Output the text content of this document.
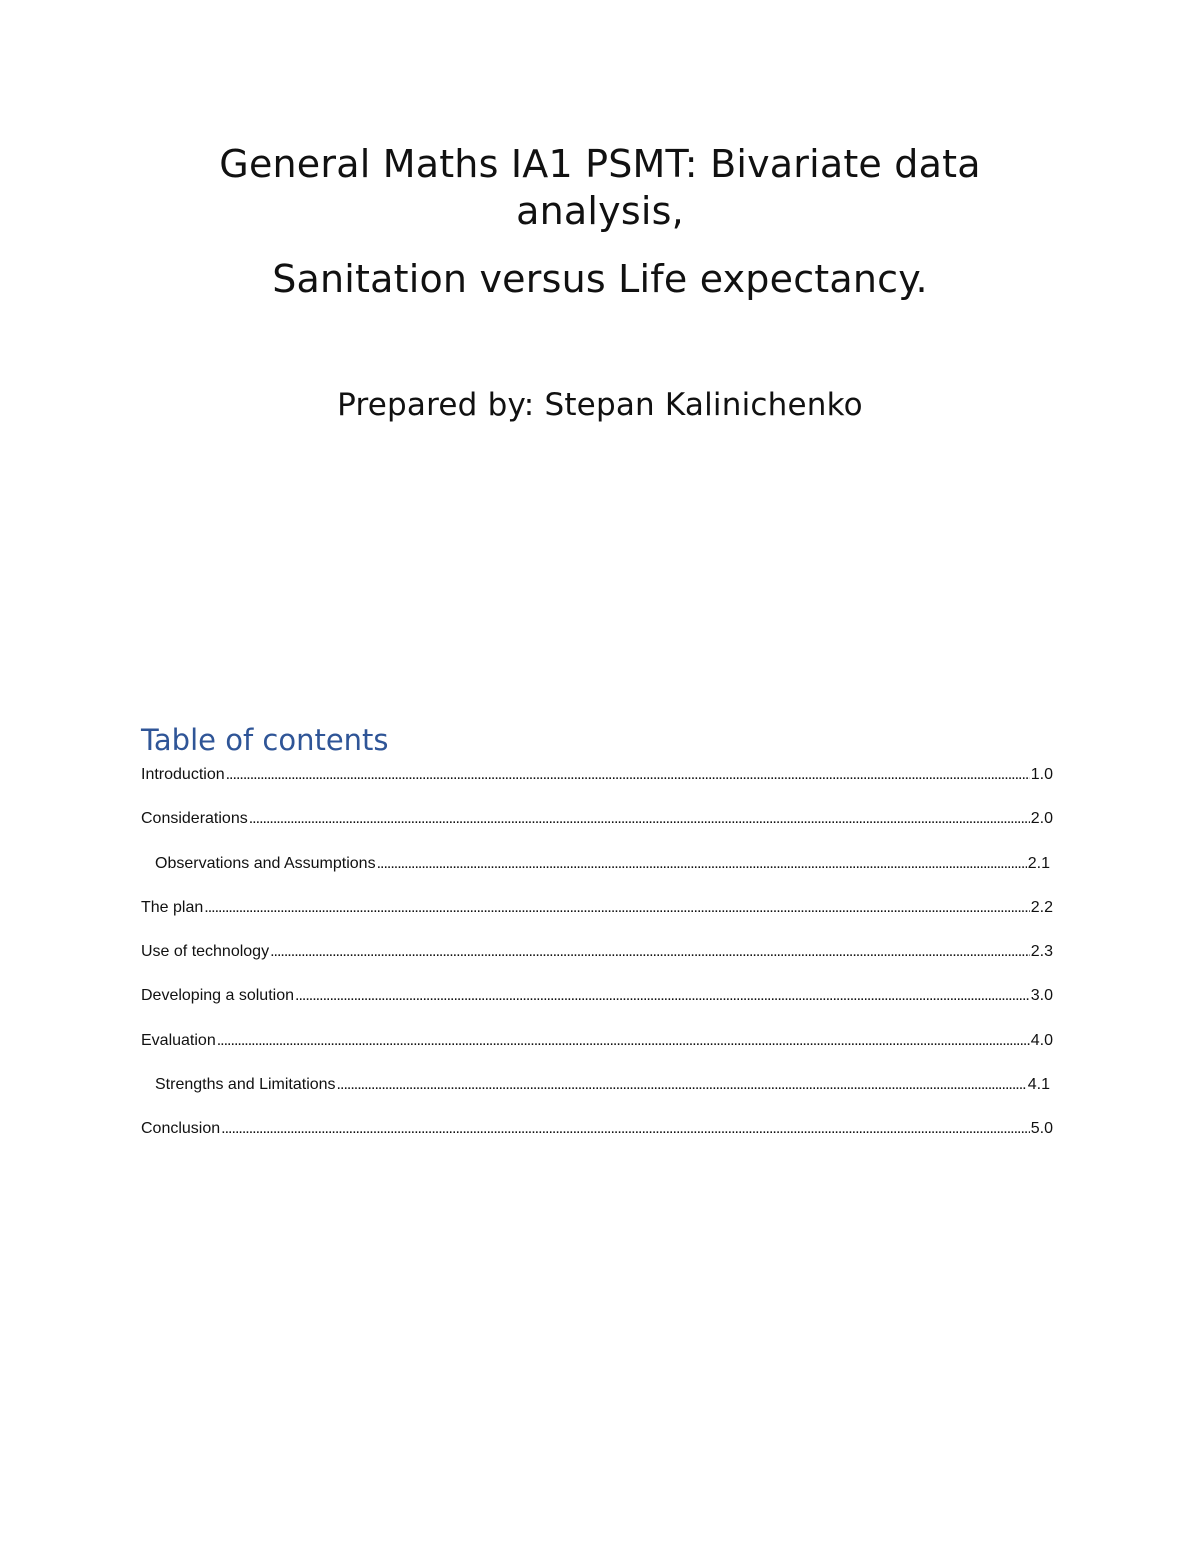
General Maths IA1 PSMT: Bivariate data
analysis,
Sanitation versus Life expectancy.
Prepared by: Stepan Kalinichenko
Table of contents
Introduction .....	1.0
Considerations .....	2.0
Observations and Assumptions .....	2.1
The plan .....	2.2
Use of technology .....	2.3
Developing a solution .....	3.0
Evaluation .....	4.0
Strengths and Limitations .....	4.1
Conclusion .....	5.0
